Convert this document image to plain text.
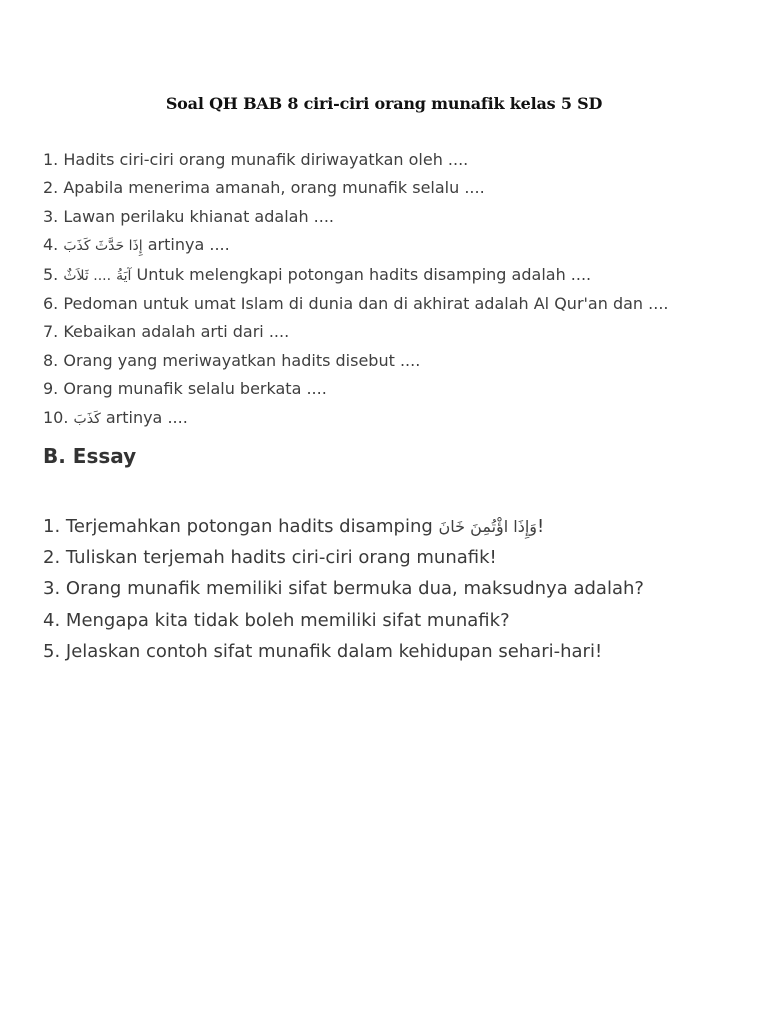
Soal QH BAB 8 ciri-ciri orang munafik kelas 5 SD
1. Hadits ciri-ciri orang munafik diriwayatkan oleh ....
2. Apabila menerima amanah, orang munafik selalu ....
3. Lawan perilaku khianat adalah ....
4. إِذَا حَدَّثَ كَذَبَ artinya ....
5. ثَلاَثٌ .... آيَةُ Untuk melengkapi potongan hadits disamping adalah ....
6. Pedoman untuk umat Islam di dunia dan di akhirat adalah Al Qur'an dan ....
7. Kebaikan adalah arti dari ....
8. Orang yang meriwayatkan hadits disebut ....
9. Orang munafik selalu berkata ....
10. كَذَبَ artinya ....
B. Essay
1. Terjemahkan potongan hadits disamping وَإِذَا اؤْتُمِنَ خَانَ!
2. Tuliskan terjemah hadits ciri-ciri orang munafik!
3. Orang munafik memiliki sifat bermuka dua, maksudnya adalah?
4. Mengapa kita tidak boleh memiliki sifat munafik?
5. Jelaskan contoh sifat munafik dalam kehidupan sehari-hari!
